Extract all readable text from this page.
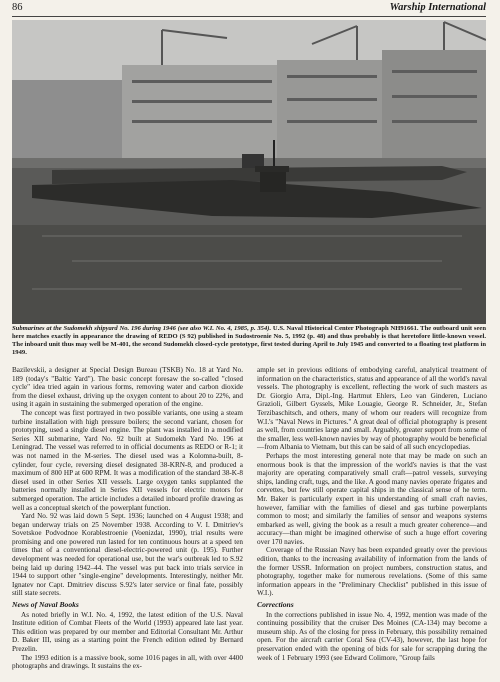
86	Warship International
Submarines at the Sudomekh shipyard No. 196 during 1946 (see also W.I. No. 4, 1985, p. 354). U.S. Naval Historical Center Photograph NH91661. The outboard unit seen here matches exactly in appearance the drawing of REDO (S 92) published in Sudostroenie No. 5, 1992 (p. 48) and thus probably is that heretofore little-known vessel. The inboard unit thus may well be M-401, the second Sudomekh closed-cycle prototype, first tested during April to July 1945 and converted to a floating test platform in 1949.

Bazilevskii, a designer at Special Design Bureau (TSKB) No. 18 at Yard No. 189 (today's "Baltic Yard"). The basic concept foresaw the so-called "closed cycle" idea tried again in various forms, removing water and carbon dioxide from the diesel exhaust, driving up the oxygen content to about 20 to 22%, and using it again in sustaining the submerged operation of the engine.

The concept was first portrayed in two possible variants, one using a steam turbine installation with high pressure boilers; the second variant, chosen for prototyping, used a single diesel engine. The plant was installed in a modified Series XII submarine, Yard No. 92 built at Sudomekh Yard No. 196 at Leningrad. The vessel was referred to in official documents as REDO or R-1; it was not named in the M-series. The diesel used was a Kolomna-built, 8-cylinder, four cycle, reversing diesel designated 38-KRN-8, and produced a maximum of 800 HP at 600 RPM. It was a modification of the standard 38-K-8 diesel used in other Series XII vessels. Large oxygen tanks supplanted the batteries normally installed in Series XII vessels for electric motors for submerged operation. The article includes a detailed inboard profile drawing as well as a conceptual sketch of the powerplant function.

Yard No. 92 was laid down 5 Sept. 1936; launched on 4 August 1938; and began underway trials on 25 November 1938. According to V. I. Dmitriev's Sovetskoe Podvodnoe Korablestroenie (Voenizdat, 1990), trial results were promising and one powered run lasted for ten continuous hours at a speed ten times that of a conventional diesel-electric-powered unit (p. 195). Further development was needed for operational use, but the war's outbreak led to S.92 being laid up during 1942–44. The vessel was put back into trials service in 1944 to support other "single-engine" developments. Interestingly, neither Mr. Ignatev nor Capt. Dmitriev discuss S.92's later service or final fate, possibly still state secrets.

News of Naval Books

As noted briefly in W.I. No. 4, 1992, the latest edition of the U.S. Naval Institute edition of Combat Fleets of the World (1993) appeared late last year. This edition was prepared by our member and Editorial Consultant Mr. Arthur D. Baker III, using as a starting point the French edition edited by Bernard Prezelin.

The 1993 edition is a massive book, some 1016 pages in all, with over 4400 photographs and drawings. It sustains the ex-

ample set in previous editions of embodying careful, analytical treatment of information on the characteristics, status and appearance of all the world's naval vessels. The photography is excellent, reflecting the work of such masters as Dr. Giorgio Arra, Dipl.-Ing. Hartmut Ehlers, Leo van Ginderen, Luciano Grazioli, Gilbert Gyssels, Mike Louagie, George R. Schneider, Jr., Stefan Terzibaschitsch, and others, many of whom our readers will recognize from W.I.'s "Naval News in Pictures." A great deal of official photography is present as well, from countries large and small. Arguably, greater support from some of the smaller, less well-known navies by way of photography would be beneficial—from Albania to Vietnam, but this can be said of all such encyclopedias.

Perhaps the most interesting general note that may be made on such an enormous book is that the impression of the world's navies is that the vast majority are operating comparatively small craft—patrol vessels, surveying ships, landing craft, tugs, and the like. A good many navies operate frigates and corvettes, but few still operate capital ships in the classical sense of he term. Mr. Baker is particularly expert in his understanding of small craft navies, however, familiar with the families of diesel and gas turbine powerplants common to most; and similarly the families of sensor and weapons systems embarked as well, giving the book as a result a much greater coherence—and accuracy—than might be imagined otherwise of such a huge effort covering over 170 navies.

Coverage of the Russian Navy has been expanded greatly over the previous edition, thanks to the increasing availability of information from the lands of the former USSR. Information on project numbers, construction status, and photography, together make for numerous revelations. (Some of this same information appears in the "Preliminary Checklist" published in this issue of W.I.).

Corrections

In the corrections published in issue No. 4, 1992, mention was made of the continuing possibility that the cruiser Des Moines (CA-134) may become a museum ship. As of the closing for press in February, this possibility remained open. For the aircraft carrier Coral Sea (CV-43), however, the last hope for preservation ended with the opening of bids for sale for scrapping during the week of 1 February 1993 (see Edward Colimore, "Group fails
